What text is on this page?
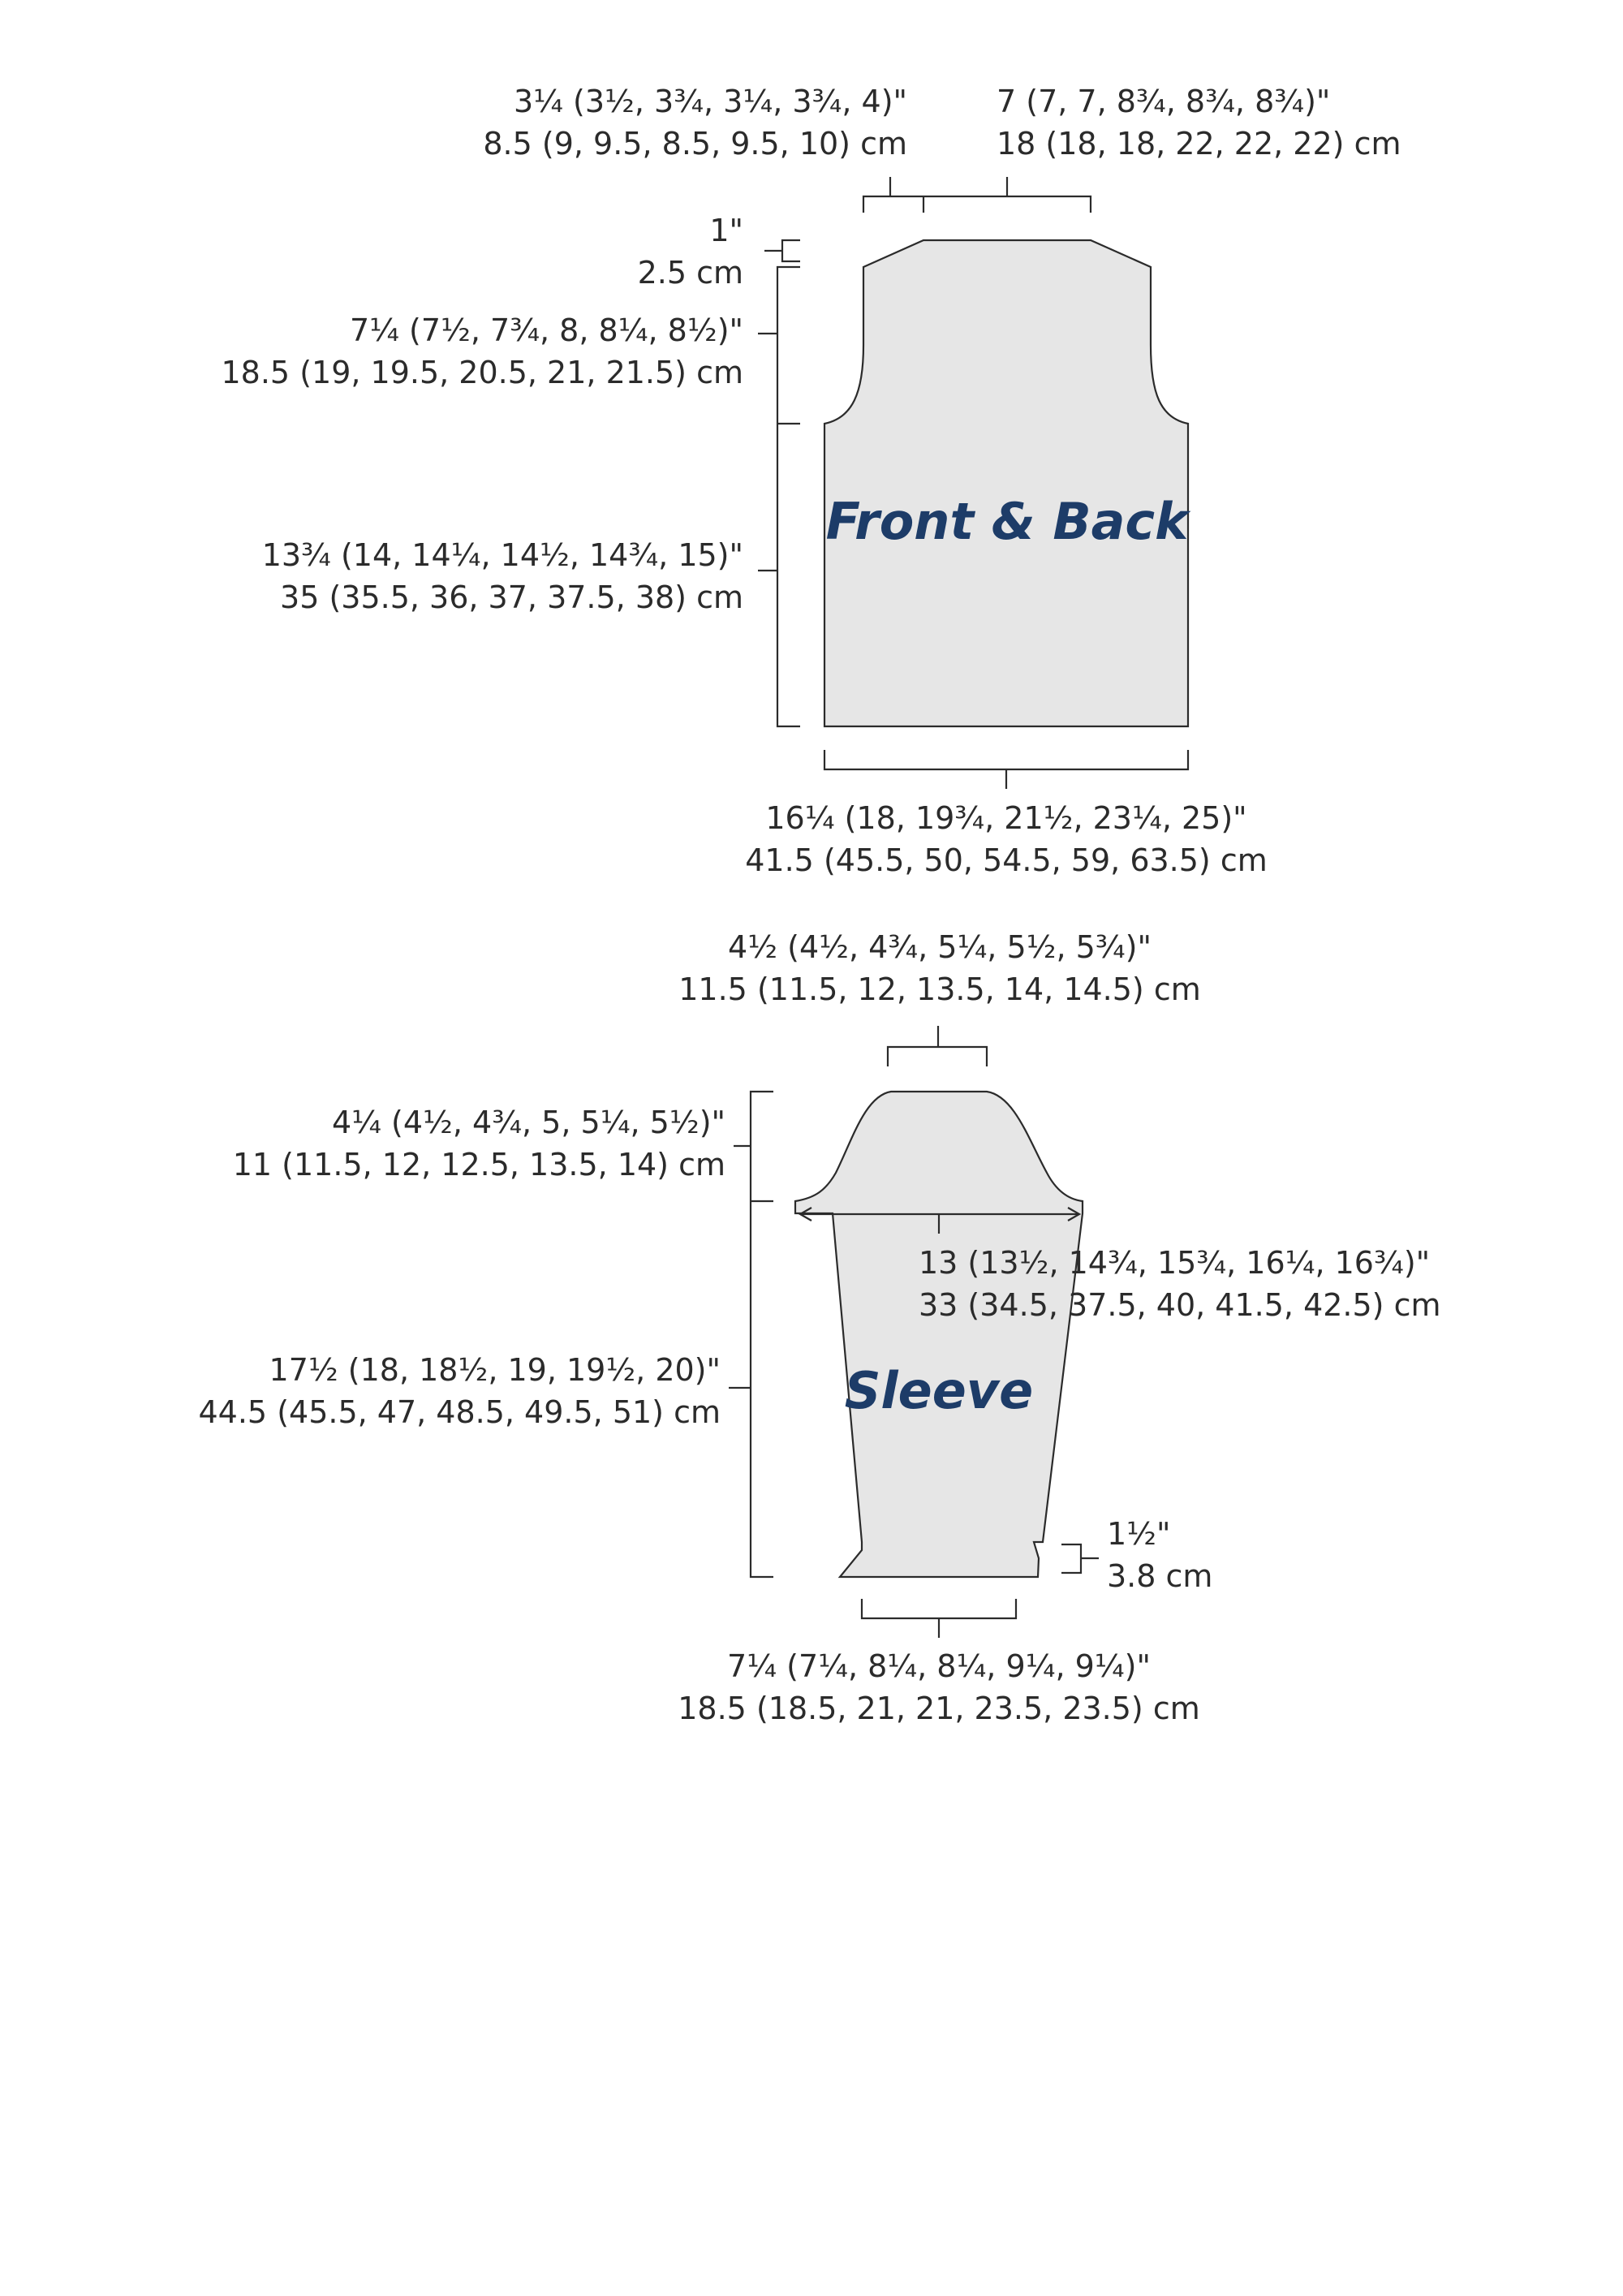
Front & Back
3¼ (3½, 3¾, 3¼, 3¾, 4)"
8.5 (9, 9.5, 8.5, 9.5, 10) cm
7 (7, 7, 8¾, 8¾, 8¾)"
18 (18, 18, 22, 22, 22) cm
1"
2.5 cm
7¼ (7½, 7¾, 8, 8¼, 8½)"
18.5 (19, 19.5, 20.5, 21, 21.5) cm
13¾ (14, 14¼, 14½, 14¾, 15)"
35 (35.5, 36, 37, 37.5, 38) cm
16¼ (18, 19¾, 21½, 23¼, 25)"
41.5 (45.5, 50, 54.5, 59, 63.5) cm
4½ (4½, 4¾, 5¼, 5½, 5¾)"
11.5 (11.5, 12, 13.5, 14, 14.5) cm
Sleeve
13 (13½, 14¾, 15¾, 16¼, 16¾)"
33 (34.5, 37.5, 40, 41.5, 42.5) cm
4¼ (4½, 4¾, 5, 5¼, 5½)"
11 (11.5, 12, 12.5, 13.5, 14) cm
17½ (18, 18½, 19, 19½, 20)"
44.5 (45.5, 47, 48.5, 49.5, 51) cm
1½"
3.8 cm
7¼ (7¼, 8¼, 8¼, 9¼, 9¼)"
18.5 (18.5, 21, 21, 23.5, 23.5) cm
